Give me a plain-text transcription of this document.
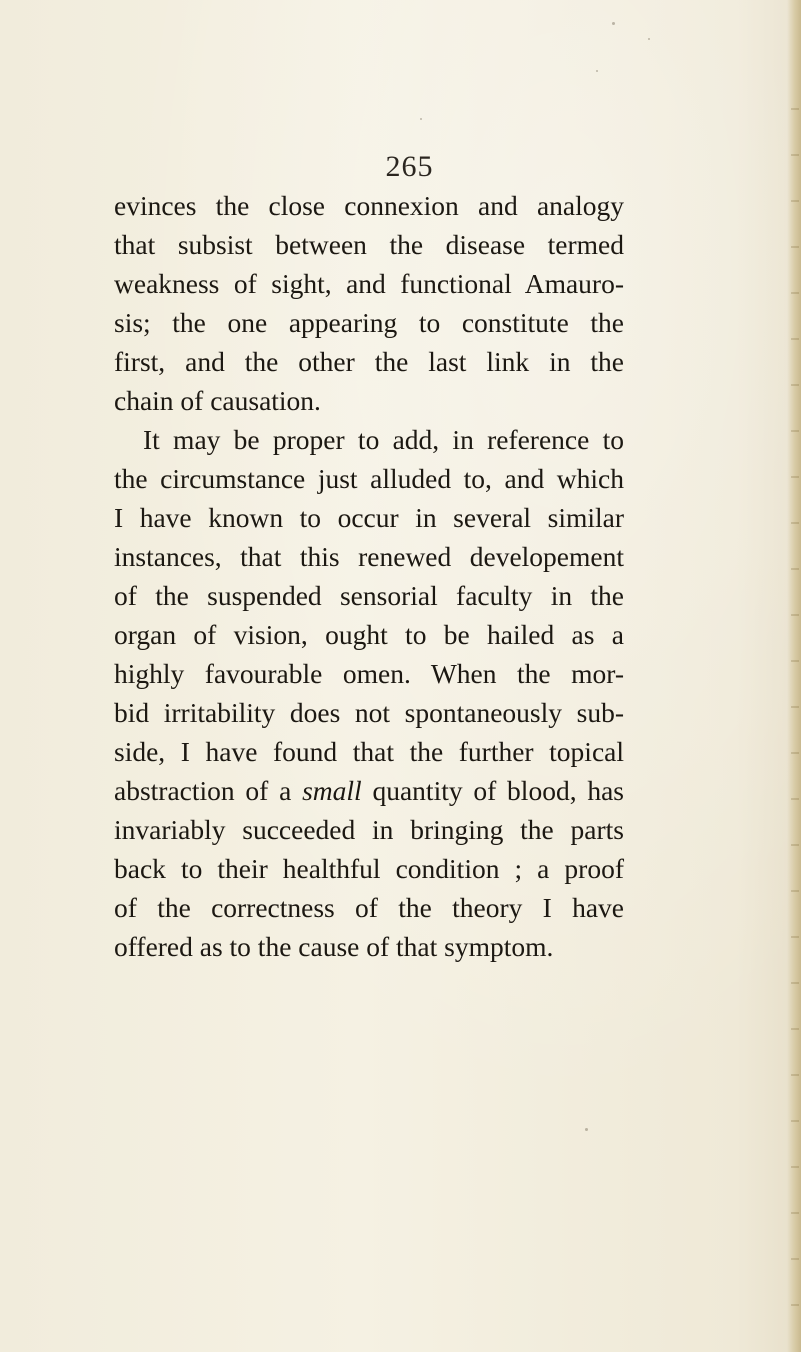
265
evinces the close connexion and analogy
that subsist between the disease termed
weakness of sight, and functional Amauro-
sis; the one appearing to constitute the
first, and the other the last link in the
chain of causation.
It may be proper to add, in reference to
the circumstance just alluded to, and which
I have known to occur in several similar
instances, that this renewed developement
of the suspended sensorial faculty in the
organ of vision, ought to be hailed as a
highly favourable omen. When the mor-
bid irritability does not spontaneously sub-
side, I have found that the further topical
abstraction of a small quantity of blood, has
invariably succeeded in bringing the parts
back to their healthful condition ; a proof
of the correctness of the theory I have
offered as to the cause of that symptom.
